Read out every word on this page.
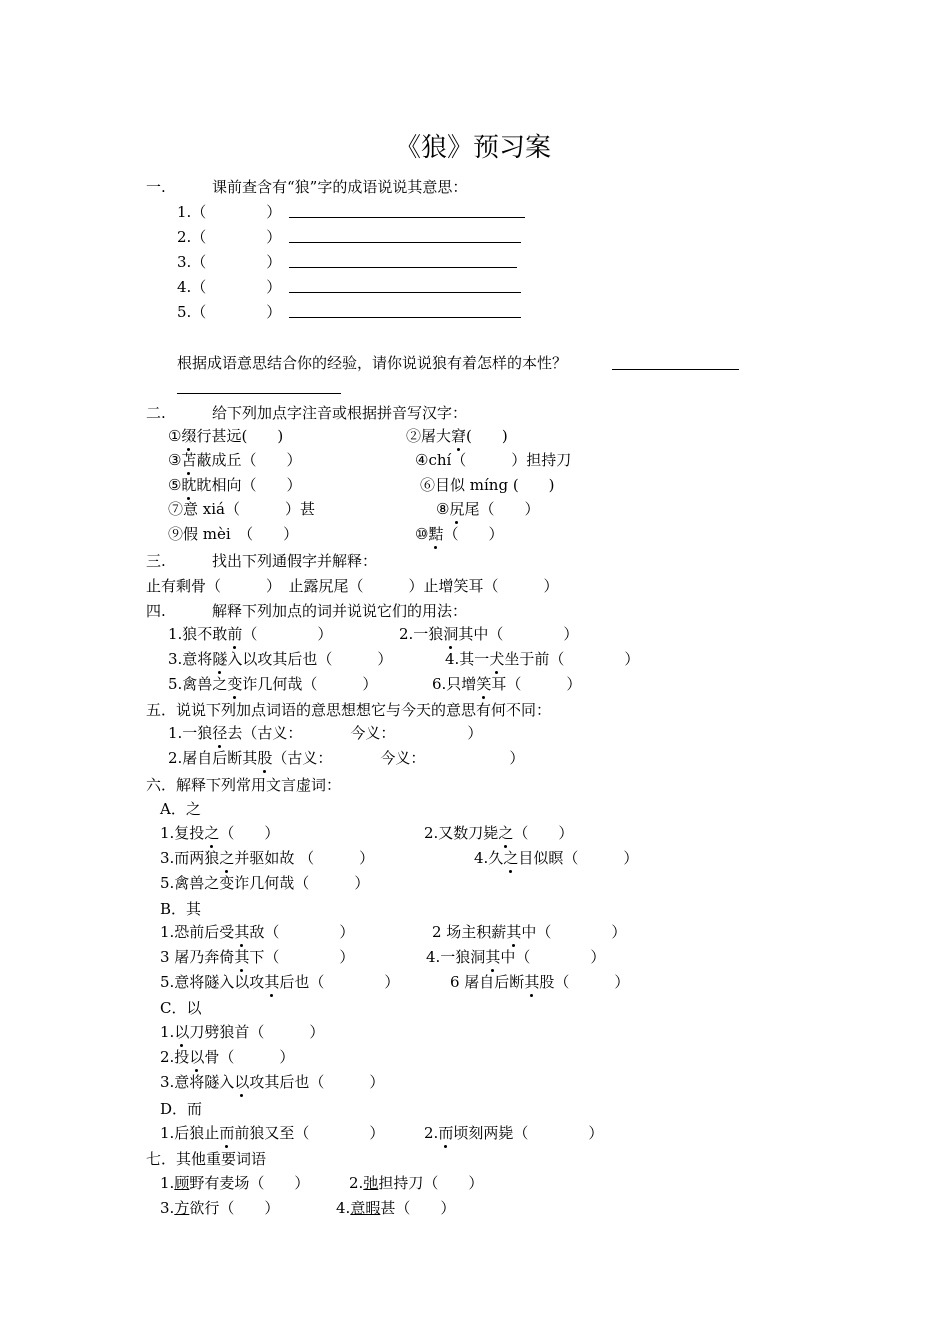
《狼》预习案
一.	课前查含有“狼”字的成语说说其意思：
1.（　　　　）
2.（　　　　）
3.（　　　　）
4.（　　　　）
5.（　　　　）
根据成语意思结合你的经验，请你说说狼有着怎样的本性？
二.	给下列加点字注音或根据拼音写汉字：
①缀行甚远(　　)	②屠大窘(　　)
③苫蔽成丘（　　）	④chí（　　　）担持刀
⑤眈眈相向（　　）	⑥目似 míng (　　)
⑦意 xiá（　　　）甚	⑧尻尾（　　）
⑨假 mèi　（　　）	⑩黠（　　）
三.	找出下列通假字并解释：
止有剩骨（　　　）　止露尻尾（　　　）止增笑耳（　　　）
四.	解释下列加点的词并说说它们的用法：
1.狼不敢前（　　　　）	2.一狼洞其中（　　　　）
3.意将隧入以攻其后也（　　　）	4.其一犬坐于前（　　　　）
5.禽兽之变诈几何哉（　　　）	6.只增笑耳（　　　）
五．说说下列加点词语的意思想想它与今天的意思有何不同：
1.一狼径去（古义：	今义：	）
2.屠自后断其股（古义：	今义：	）
六．解释下列常用文言虚词：
A．之
1.复投之（　　）	2.又数刀毙之（　　）
3.而两狼之并驱如故 （　　　）	4.久之目似瞑（　　　）
5.禽兽之变诈几何哉（　　　）
B．其
1.恐前后受其敌（　　　　）	2 场主积薪其中（　　　　）
3 屠乃奔倚其下（　　　　）	4.一狼洞其中（　　　　）
5.意将隧入以攻其后也（　　　　）	6 屠自后断其股（　　　）
C．以
1.以刀劈狼首（　　　）
2.投以骨（　　　）
3.意将隧入以攻其后也（　　　）
D．而
1.后狼止而前狼又至（　　　　）	2.而顷刻两毙（　　　　）
七．其他重要词语
1.顾野有麦场（　　）	2.弛担持刀（　　）
3.方欲行（　　）	4.意暇甚（　　）
